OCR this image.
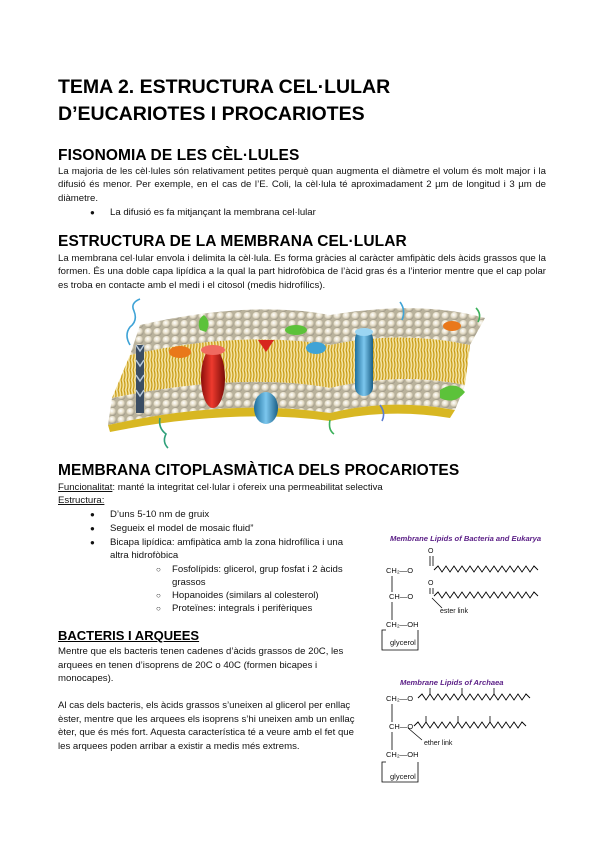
TEMA 2. ESTRUCTURA CEL·LULAR D’EUCARIOTES I PROCARIOTES
FISONOMIA DE LES CÈL·LULES
La majoria de les cèl·lules són relativament petites perquè quan augmenta el diàmetre el volum és molt major i la difusió és menor. Per exemple, en el cas de l’E. Coli, la cèl·lula té aproximadament 2 µm de longitud i 3 µm de diàmetre.
● La difusió es fa mitjançant la membrana cel·lular
ESTRUCTURA DE LA MEMBRANA CEL·LULAR
La membrana cel·lular envola i delimita la cèl·lula. Es forma gràcies al caràcter amfipàtic dels àcids grassos que la formen. És una doble capa lipídica a la qual la part hidrofòbica de l’àcid gras és a l’interior mentre que el cap polar es troba en contacte amb el medi i el citosol (medis hidrofílics).
MEMBRANA CITOPLASMÀTICA DELS PROCARIOTES
Funcionalitat: manté la integritat cel·lular i ofereix una permeabilitat selectiva
Estructura:
● D’uns 5-10 nm de gruix
● Segueix el model de mosaic fluid”
● Bicapa lipídica: amfipàtica amb la zona hidrofílica i una
altra hidrofòbica
○ Fosfolípids: glicerol, grup fosfat i 2 àcids
grassos
○ Hopanoides (similars al colesterol)
○ Proteïnes: integrals i perifèriques
BACTERIS I ARQUEES
Mentre que els bacteris tenen cadenes d’àcids grassos de 20C, les arquees en tenen d’isoprens de 20C o 40C (formen bicapes i monocapes).
Al cas dels bacteris, els àcids grassos s’uneixen al glicerol per enllaç èster, mentre que les arquees els isoprens s’hi uneixen amb un enllaç èter, que és més fort. Aquesta característica té a veure amb el fet que les arquees poden arribar a existir a medis més extrems.
Membrane Lipids of Bacteria and Eukarya
CH₂—O
CH—O
CH₂—OH
ester link
glycerol
O
O
Membrane Lipids of Archaea
CH₂—O
CH—O
CH₂—OH
ether link
glycerol
